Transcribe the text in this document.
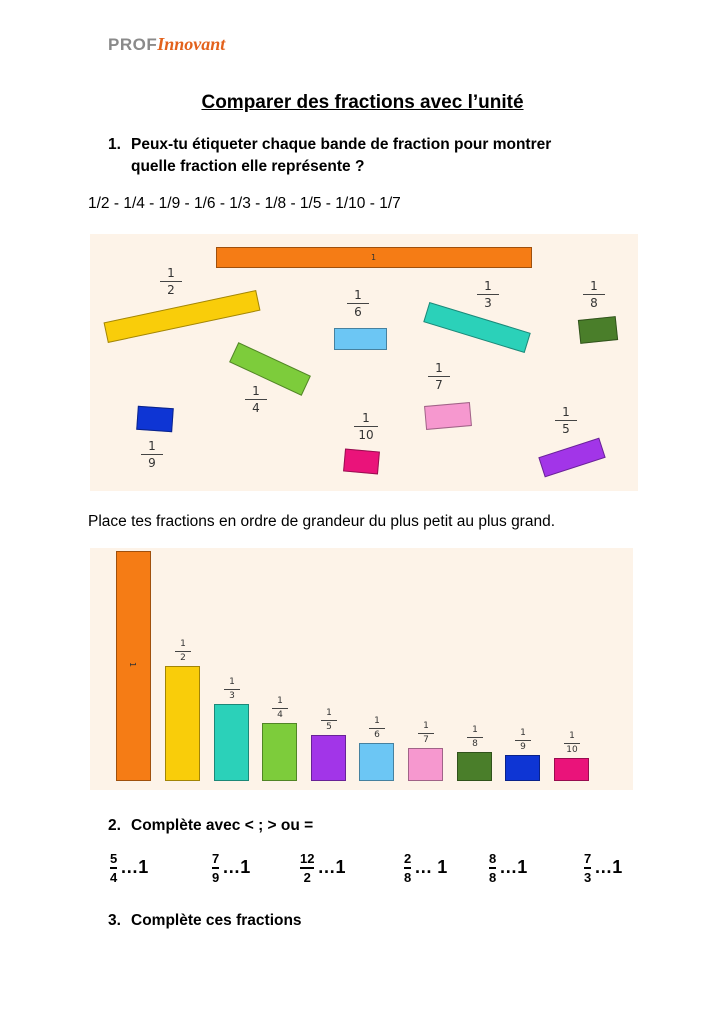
PROFInnovant
Comparer des fractions avec l’unité
1. Peux-tu étiqueter chaque bande de fraction pour montrer
quelle fraction elle représente ?
1/2 - 1/4 - 1/9 - 1/6 - 1/3 - 1/8 - 1/5 - 1/10 - 1/7
1
1
2	1
6
1
3
1
8
1
4
1
7
1
9
1
10
1
5
Place tes fractions en ordre de grandeur du plus petit au plus grand.
1
1
2
1
3	1
4	1
5
1
6
1
7
1
8
1
9
1
10
2. Complète avec < ; > ou =
5
4 …1	7
9 …1	12
2 …1	2
8 … 1	8
8 …1	7
3 …1
3. Complète ces fractions
